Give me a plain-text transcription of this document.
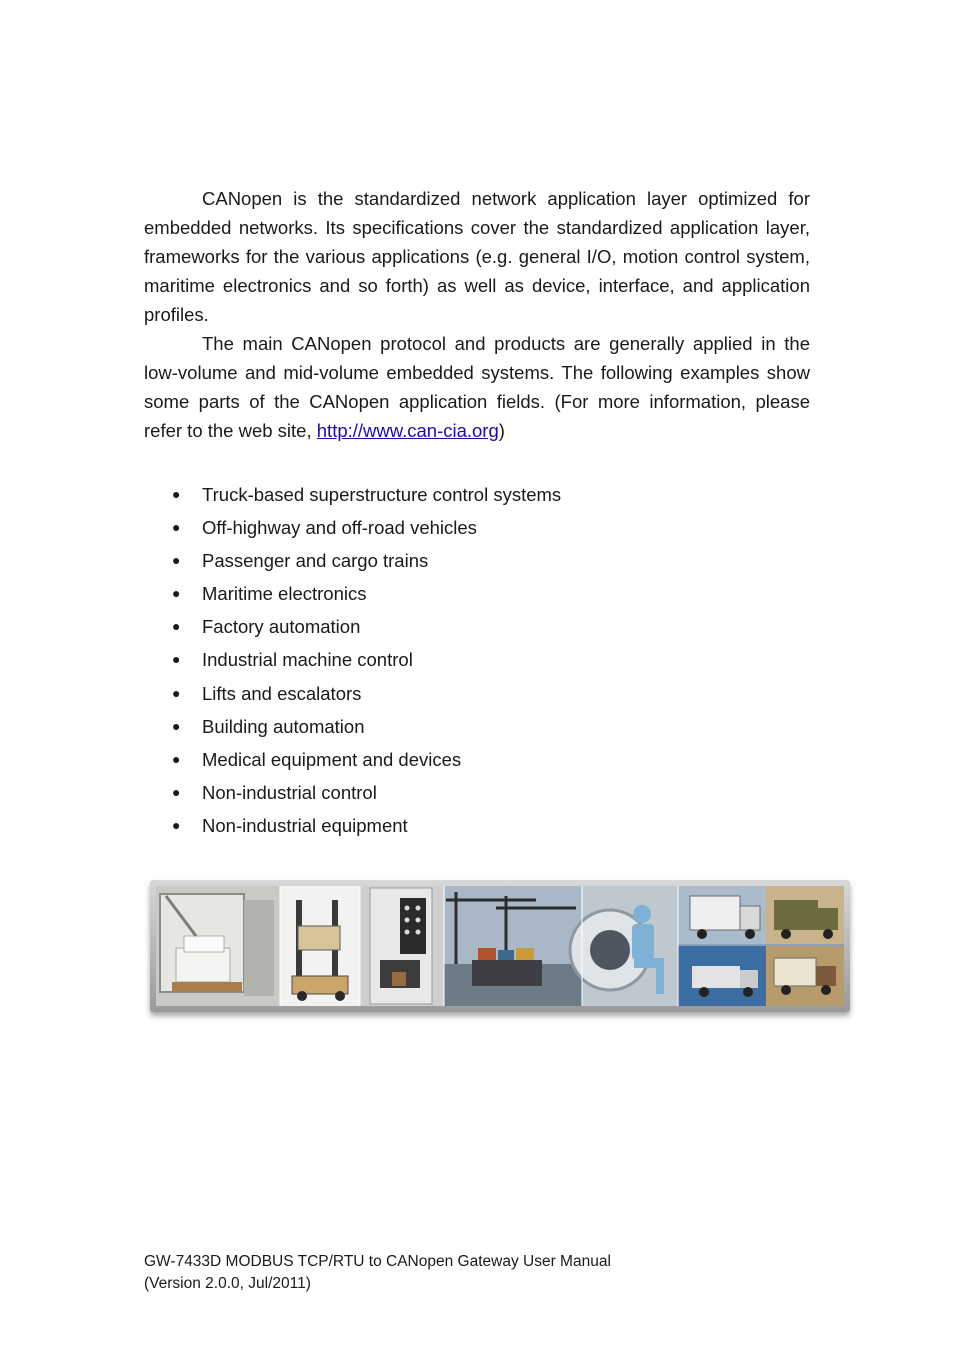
CANopen is the standardized network application layer optimized for embedded networks. Its specifications cover the standardized application layer, frameworks for the various applications (e.g. general I/O, motion control system, maritime electronics and so forth) as well as device, interface, and application profiles.

The main CANopen protocol and products are generally applied in the low-volume and mid-volume embedded systems. The following examples show some parts of the CANopen application fields. (For more information, please refer to the web site, http://www.can-cia.org)

● Truck-based superstructure control systems
● Off-highway and off-road vehicles
● Passenger and cargo trains
● Maritime electronics
● Factory automation
● Industrial machine control
● Lifts and escalators
● Building automation
● Medical equipment and devices
● Non-industrial control
● Non-industrial equipment
GW-7433D MODBUS TCP/RTU to CANopen Gateway User Manual
(Version 2.0.0, Jul/2011)
